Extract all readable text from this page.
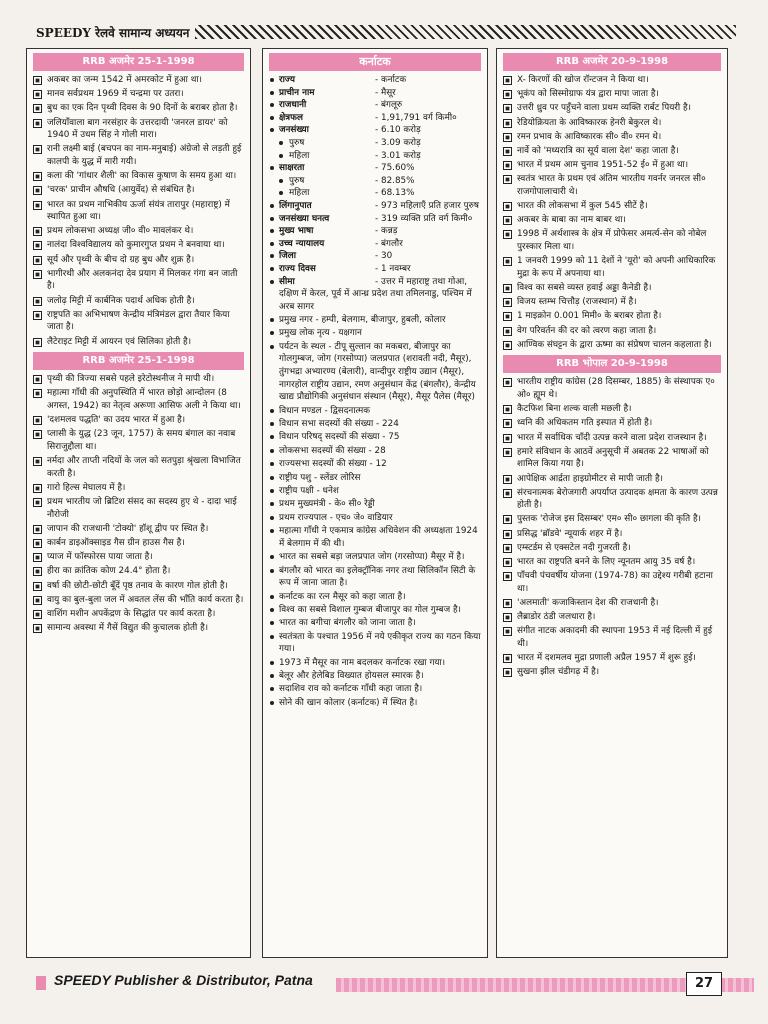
SPEEDY रेलवे सामान्य अध्ययन
RRB अजमेर 25-1-1998
अकबर का जन्म 1542 में अमरकोट में हुआ था।
मानव सर्वप्रथम 1969 में चन्द्रमा पर उतरा।
बुध का एक दिन पृथ्वी दिवस के 90 दिनों के बराबर होता है।
जलियाँवाला बाग नरसंहार के उत्तरदायी 'जनरल डायर' को 1940 में उधम सिंह ने गोली मारा।
रानी लक्ष्मी बाई (बचपन का नाम-मनुबाई) अंग्रेजो से लड़ती हुई कालपी के युद्ध में मारी गयी।
कला की 'गांधार शैली' का विकास कुषाण के समय हुआ था।
'चरक' प्राचीन औषधि (आयुर्वेद) से संबंधित है।
भारत का प्रथम नाभिकीय ऊर्जा संयंत्र तारापुर (महाराष्ट्र) में स्थापित हुआ था।
प्रथम लोकसभा अध्यक्ष जी० वी० मावलंकर थे।
नालंदा विश्वविद्यालय को कुमारगुप्त प्रथम ने बनवाया था।
सूर्य और पृथ्वी के बीच दो ग्रह बुध और शुक्र है।
भागीरथी और अलकनंदा देव प्रयाग में मिलकर गंगा बन जाती है।
जलोढ़ मिट्टी में कार्बनिक पदार्थ अधिक होती है।
राष्ट्रपति का अभिभाषण केन्द्रीय मंत्रिमंडल द्वारा तैयार किया जाता है।
लैटेराइट मिट्टी में आयरन एवं सिलिका होती है।
RRB अजमेर 25-1-1998
पृथ्वी की त्रिज्या सबसे पहले इरेटोस्थनीज ने मापी थी।
महात्मा गाँधी की अनुपस्थिति में भारत छोड़ो आन्दोलन (8 अगस्त, 1942) का नेतृत्व अरूणा आसिफ अली ने किया था।
'दशमलव पद्धति' का उदय भारत में हुआ है।
प्लासी के युद्ध (23 जून, 1757) के समय बंगाल का नवाब सिराजुद्दौला था।
नर्मदा और ताप्ती नदियों के जल को सतपुड़ा श्रृंखला विभाजित करती है।
गारो हिल्स मेघालय में है।
प्रथम भारतीय जो ब्रिटिश संसद का सदस्य हुए थे - दादा भाई नौरोजी
जापान की राजधानी 'टोक्यो' हॉशू द्वीप पर स्थित है।
कार्बन डाइऑक्साइड गैस ग्रीन हाउस गैस है।
प्याज में फॉस्फोरस पाया जाता है।
हीरा का क्रांतिक कोण 24.4° होता है।
वर्षा की छोटी-छोटी बूँदें पृष्ठ तनाव के कारण गोल होती है।
वायु का बुल-बुला जल में अवतल लेंस की भाँति कार्य करता है।
वाशिंग मशीन अपकेंद्रण के सिद्धांत पर कार्य करता है।
सामान्य अवस्था में गैसें विद्युत की कुचालक होती है।
कर्नाटक
राज्य	- कर्नाटक
प्राचीन नाम	- मैसूर
राजधानी	- बंगलूरु
क्षेत्रफल	- 1,91,791 वर्ग किमी०
जनसंख्या	- 6.10 करोड़
पुरुष	- 3.09 करोड़
महिला	- 3.01 करोड़
साक्षरता	- 75.60%
पुरुष	- 82.85%
महिला	- 68.13%
लिंगानुपात	- 973 महिलाएँ प्रति हजार पुरुष
जनसंख्या घनत्व	- 319 व्यक्ति प्रति वर्ग किमी०
मुख्य भाषा	- कन्नड़
उच्च न्यायालय	- बंगलौर
जिला	- 30
राज्य दिवस	- 1 नवम्बर
सीमा	- उत्तर में महाराष्ट्र तथा गोआ,
दक्षिण में केरल, पूर्व में आन्ध्र प्रदेश तथा तमिलनाडु, पश्चिम में अरब सागर
प्रमुख नगर - हम्पी, बेलगाम, बीजापुर, हुबली, कोलार
प्रमुख लोक नृत्य - यक्षगान
पर्यटन के स्थल - टीपू सुल्तान का मकबरा, बीजापुर का गोलगुम्बज, जोग (गरसोप्पा) जलप्रपात (शरावती नदी, मैसूर), तुंगभद्रा अभ्यारण्य (बेलारी), वान्दीपुर राष्ट्रीय उद्यान (मैसूर), नागरहोल राष्ट्रीय उद्यान, रमण अनुसंधान केंद्र (बंगलौर), केन्द्रीय खाद्य प्रौद्योगिकी अनुसंधान संस्थान (मैसूर), मैसूर पैलेस (मैसूर)
विधान मण्डल - द्विसदनात्मक
विधान सभा सदस्यों की संख्या - 224
विधान परिषद् सदस्यों की संख्या - 75
लोकसभा सदस्यों की संख्या - 28
राज्यसभा सदस्यों की संख्या - 12
राष्ट्रीय पशु - स्लेंडर लोरिस
राष्ट्रीय पक्षी - धनेश
प्रथम मुख्यमंत्री - के० सी० रेड्डी
प्रथम राज्यपाल - एच० जे० वाडियार
महात्मा गाँधी ने एकमात्र कांग्रेस अधिवेशन की अध्यक्षता 1924 में बेलगाम में की थी।
भारत का सबसे बड़ा जलप्रपात जोग (गरसोप्पा) मैसूर में है।
बंगलौर को भारत का इलेक्ट्रॉनिक नगर तथा सिलिकॉन सिटी के रूप में जाना जाता है।
कर्नाटक का रत्न मैसूर को कहा जाता है।
विश्व का सबसे विशाल गुम्बज बीजापुर का गोल गुम्बज है।
भारत का बगीचा बंगलौर को जाना जाता है।
स्वतंत्रता के पश्चात 1956 में नये एकीकृत राज्य का गठन किया गया।
1973 में मैसूर का नाम बदलकर कर्नाटक रखा गया।
बेलूर और हेलेबिड विख्यात होयसल स्मारक है।
सदाशिव राव को कर्नाटक गाँधी कहा जाता है।
सोने की खान कोलार (कर्नाटक) में स्थित है।
RRB अजमेर 20-9-1998
X- किरणों की खोज रॉन्टजन ने किया था।
भूकंप को सिस्मोग्राफ यंत्र द्वारा मापा जाता है।
उत्तरी ध्रुव पर पहुँचने वाला प्रथम व्यक्ति रार्बट पियरी है।
रेडियोक्रियता के आविष्कारक हेनरी बेकुरल थे।
रमन प्रभाव के आविष्कारक सी० वी० रमन थे।
नार्वे को 'मध्यरात्रि का सूर्य वाला देश' कहा जाता है।
भारत में प्रथम आम चुनाव 1951-52 ई० में हुआ था।
स्वतंत्र भारत के प्रथम एवं अंतिम भारतीय गवर्नर जनरल सी० राजगोपालाचारी थे।
भारत की लोकसभा में कुल 545 सीटें है।
अकबर के बाबा का नाम बाबर था।
1998 में अर्थशास्त्र के क्षेत्र में प्रोफेसर अमर्त्य-सेन को नोबेल पुरस्कार मिला था।
1 जनवरी 1999 को 11 देशों ने 'यूरो' को अपनी आधिकारिक मुद्रा के रूप में अपनाया था।
विश्व का सबसे व्यस्त हवाई अड्डा कैनेडी है।
विजय स्तम्भ चित्तौड़ (राजस्थान) में है।
1 माइक्रोन 0.001 मिमी० के बराबर होता है।
वेग परिवर्तन की दर को त्वरण कहा जाता है।
आण्विक संघट्टन के द्वारा ऊष्मा का संप्रेषण चालन कहलाता है।
RRB भोपाल 20-9-1998
भारतीय राष्ट्रीय कांग्रेस (28 दिसम्बर, 1885) के संस्थापक ए० ओ० ह्यूम थे।
कैटफिश बिना शल्क वाली मछली है।
ध्वनि की अधिकतम गति इस्पात में होती है।
भारत में सर्वाधिक चाँदी उत्पन्न करने वाला प्रदेश राजस्थान है।
हमारे संविधान के आठवें अनुसूची में अबतक 22 भाषाओं को शामिल किया गया है।
आपेक्षिक आर्द्रता हाइग्रोमीटर से मापी जाती है।
संरचनात्मक बेरोजगारी अपर्याप्त उत्पादक क्षमता के कारण उत्पन्न होती है।
पुस्तक 'रोजेज इस दिसम्बर' एम० सी० छागला की कृति है।
प्रसिद्ध 'ब्रॉडवे' न्यूयार्क शहर में है।
एम्स्टर्डम से एक्सटेल नदी गुजरती है।
भारत का राष्ट्रपति बनने के लिए न्यूनतम आयु 35 वर्ष है।
पाँचवी पंचवर्षीय योजना (1974-78) का उद्देश्य गरीबी हटाना था।
'अलमाती' कजाकिस्तान देश की राजधानी है।
लैब्राडोर ठंडी जलधारा है।
संगीत नाटक अकादमी की स्थापना 1953 में नई दिल्ली में हुई थी।
भारत में दशमलव मुद्रा प्रणाली अप्रैल 1957 में शुरू हुई।
सुखना झील चंडीगढ़ में है।
SPEEDY Publisher & Distributor, Patna	27
